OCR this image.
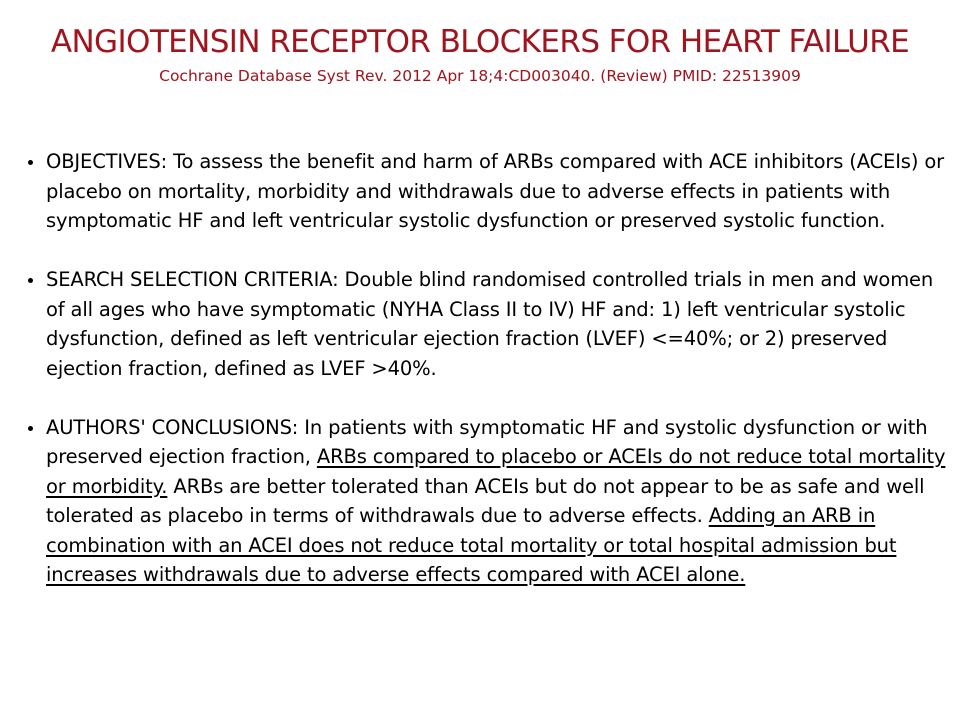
ANGIOTENSIN RECEPTOR BLOCKERS FOR HEART FAILURE
Cochrane Database Syst Rev. 2012 Apr 18;4:CD003040. (Review) PMID: 22513909
OBJECTIVES: To assess the benefit and harm of ARBs compared with ACE inhibitors (ACEIs) or placebo on mortality, morbidity and withdrawals due to adverse effects in patients with symptomatic HF and left ventricular systolic dysfunction or preserved systolic function.
SEARCH SELECTION CRITERIA: Double blind randomised controlled trials in men and women of all ages who have symptomatic (NYHA Class II to IV) HF and: 1) left ventricular systolic dysfunction, defined as left ventricular ejection fraction (LVEF) <=40%; or 2) preserved ejection fraction, defined as LVEF >40%.
AUTHORS' CONCLUSIONS: In patients with symptomatic HF and systolic dysfunction or with preserved ejection fraction, ARBs compared to placebo or ACEIs do not reduce total mortality or morbidity. ARBs are better tolerated than ACEIs but do not appear to be as safe and well tolerated as placebo in terms of withdrawals due to adverse effects. Adding an ARB in combination with an ACEI does not reduce total mortality or total hospital admission but increases withdrawals due to adverse effects compared with ACEI alone.
